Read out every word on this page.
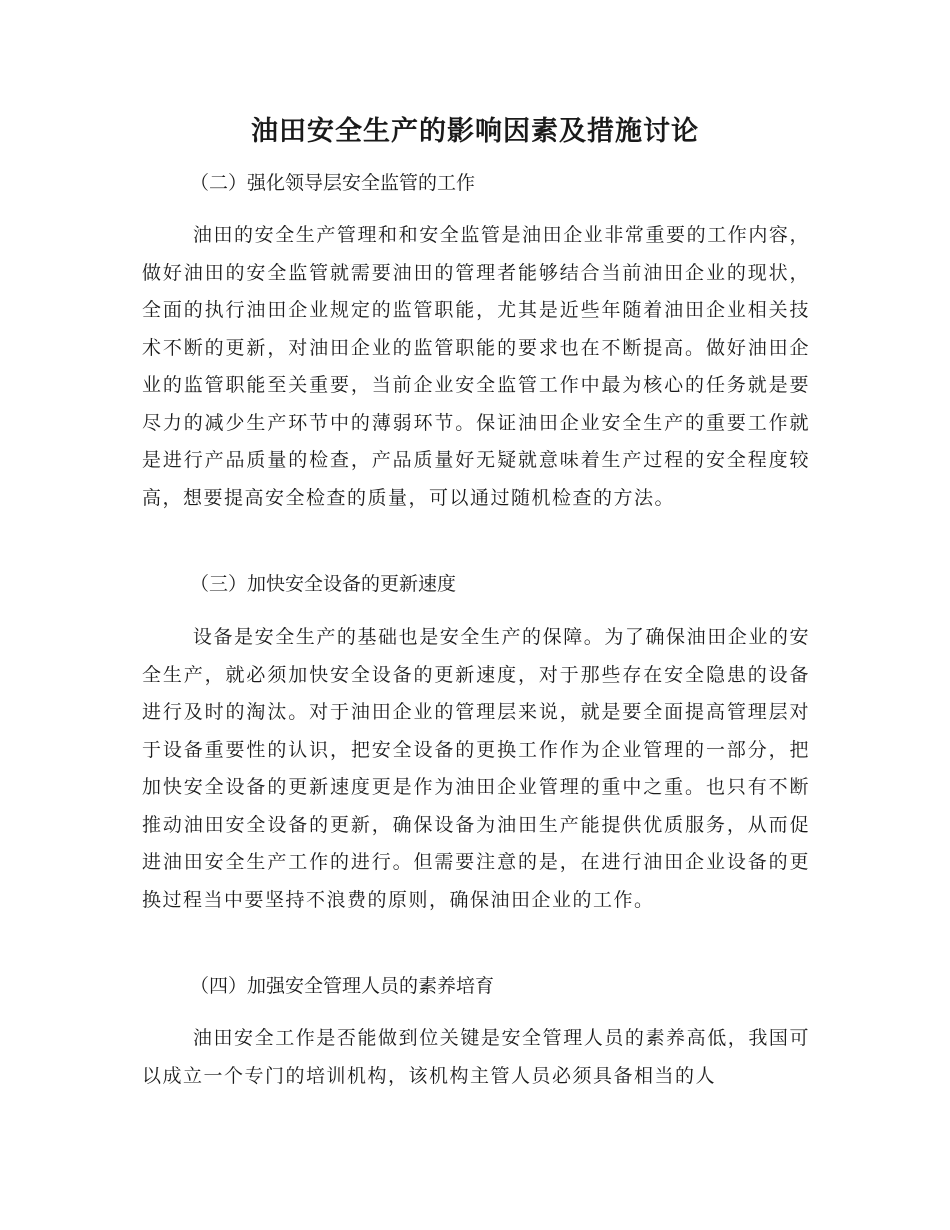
油田安全生产的影响因素及措施讨论

（二）强化领导层安全监管的工作

油田的安全生产管理和和安全监管是油田企业非常重要的工作内容，做好油田的安全监管就需要油田的管理者能够结合当前油田企业的现状，全面的执行油田企业规定的监管职能，尤其是近些年随着油田企业相关技术不断的更新，对油田企业的监管职能的要求也在不断提高。做好油田企业的监管职能至关重要，当前企业安全监管工作中最为核心的任务就是要尽力的减少生产环节中的薄弱环节。保证油田企业安全生产的重要工作就是进行产品质量的检查，产品质量好无疑就意味着生产过程的安全程度较高，想要提高安全检查的质量，可以通过随机检查的方法。

（三）加快安全设备的更新速度

设备是安全生产的基础也是安全生产的保障。为了确保油田企业的安全生产，就必须加快安全设备的更新速度，对于那些存在安全隐患的设备进行及时的淘汰。对于油田企业的管理层来说，就是要全面提高管理层对于设备重要性的认识，把安全设备的更换工作作为企业管理的一部分，把加快安全设备的更新速度更是作为油田企业管理的重中之重。也只有不断推动油田安全设备的更新，确保设备为油田生产能提供优质服务，从而促进油田安全生产工作的进行。但需要注意的是，在进行油田企业设备的更换过程当中要坚持不浪费的原则，确保油田企业的工作。

（四）加强安全管理人员的素养培育

油田安全工作是否能做到位关键是安全管理人员的素养高低，我国可以成立一个专门的培训机构，该机构主管人员必须具备相当的人
